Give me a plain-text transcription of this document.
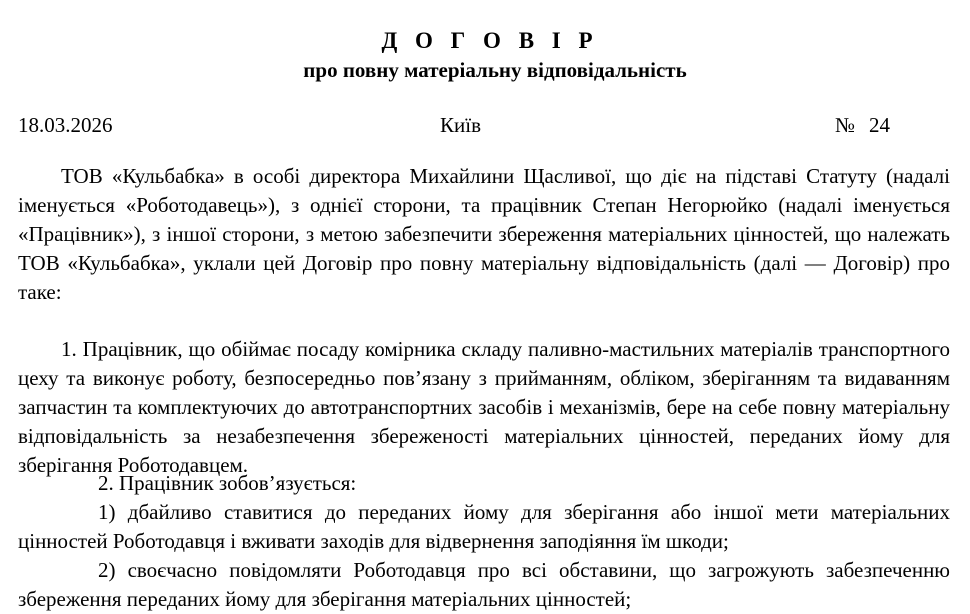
Д О Г О В І Р
про повну матеріальну відповідальність
18.03.2026	Київ	№ 24

ТОВ «Кульбабка» в особі директора Михайлини Щасливої, що діє на підставі Статуту (надалі іменується «Роботодавець»), з однієї сторони, та працівник Степан Негорюйко (надалі іменується «Працівник»), з іншої сторони, з метою забезпечити збереження матеріальних цінностей, що належать ТОВ «Кульбабка», уклали цей Договір про повну матеріальну відповідальність (далі — Договір) про таке:

1. Працівник, що обіймає посаду комірника складу паливно-мастильних матеріалів транспортного цеху та виконує роботу, безпосередньо пов’язану з прийманням, обліком, зберіганням та видаванням запчастин та комплектуючих до автотранспортних засобів і механізмів, бере на себе повну матеріальну відповідальність за незабезпечення збереженості матеріальних цінностей, переданих йому для зберігання Роботодавцем.

2. Працівник зобов’язується:

1) дбайливо ставитися до переданих йому для зберігання або іншої мети матеріальних цінностей Роботодавця і вживати заходів для відвернення заподіяння їм шкоди;

2) своєчасно повідомляти Роботодавця про всі обставини, що загрожують забезпеченню збереження переданих йому для зберігання матеріальних цінностей;
